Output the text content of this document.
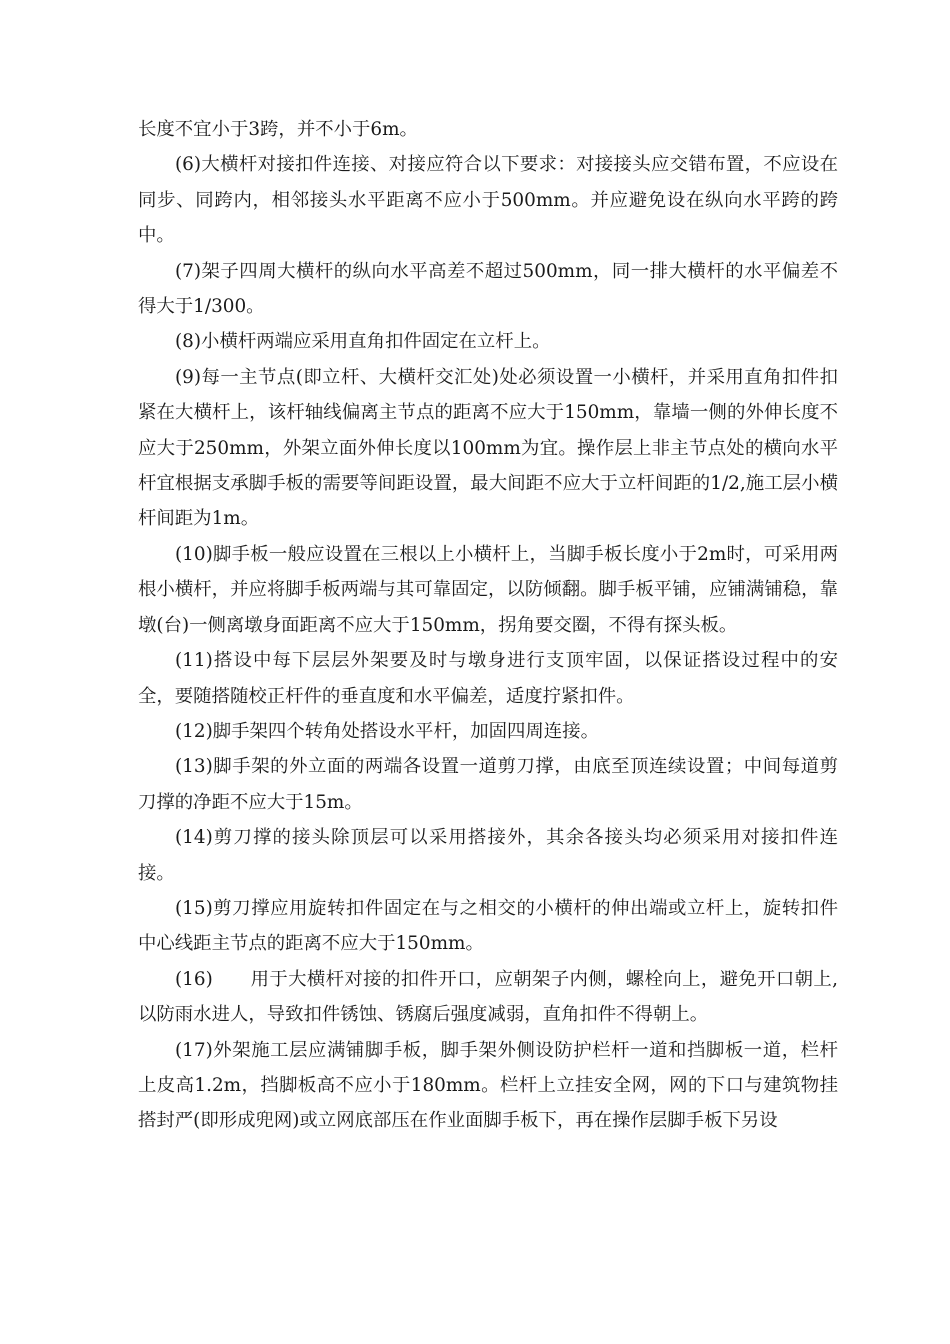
长度不宜小于3跨，并不小于6m。

(6)大横杆对接扣件连接、对接应符合以下要求：对接接头应交错布置，不应设在同步、同跨内，相邻接头水平距离不应小于500mm。并应避免设在纵向水平跨的跨中。

(7)架子四周大横杆的纵向水平高差不超过500mm，同一排大横杆的水平偏差不得大于1/300。

(8)小横杆两端应采用直角扣件固定在立杆上。

(9)每一主节点(即立杆、大横杆交汇处)处必须设置一小横杆，并采用直角扣件扣紧在大横杆上，该杆轴线偏离主节点的距离不应大于150mm，靠墙一侧的外伸长度不应大于250mm，外架立面外伸长度以100mm为宜。操作层上非主节点处的横向水平杆宜根据支承脚手板的需要等间距设置，最大间距不应大于立杆间距的1/2,施工层小横杆间距为1m。

(10)脚手板一般应设置在三根以上小横杆上，当脚手板长度小于2m时，可采用两根小横杆，并应将脚手板两端与其可靠固定，以防倾翻。脚手板平铺，应铺满铺稳，靠墩(台)一侧离墩身面距离不应大于150mm，拐角要交圈，不得有探头板。

(11)搭设中每下层层外架要及时与墩身进行支顶牢固，以保证搭设过程中的安全，要随搭随校正杆件的垂直度和水平偏差，适度拧紧扣件。

(12)脚手架四个转角处搭设水平杆，加固四周连接。

(13)脚手架的外立面的两端各设置一道剪刀撑，由底至顶连续设置；中间每道剪刀撑的净距不应大于15m。

(14)剪刀撑的接头除顶层可以采用搭接外，其余各接头均必须采用对接扣件连接。

(15)剪刀撑应用旋转扣件固定在与之相交的小横杆的伸出端或立杆上，旋转扣件中心线距主节点的距离不应大于150mm。

(16)　　用于大横杆对接的扣件开口，应朝架子内侧，螺栓向上，避免开口朝上,以防雨水进人，导致扣件锈蚀、锈腐后强度减弱，直角扣件不得朝上。

(17)外架施工层应满铺脚手板，脚手架外侧设防护栏杆一道和挡脚板一道，栏杆上皮高1.2m，挡脚板高不应小于180mm。栏杆上立挂安全网，网的下口与建筑物挂搭封严(即形成兜网)或立网底部压在作业面脚手板下，再在操作层脚手板下另设
